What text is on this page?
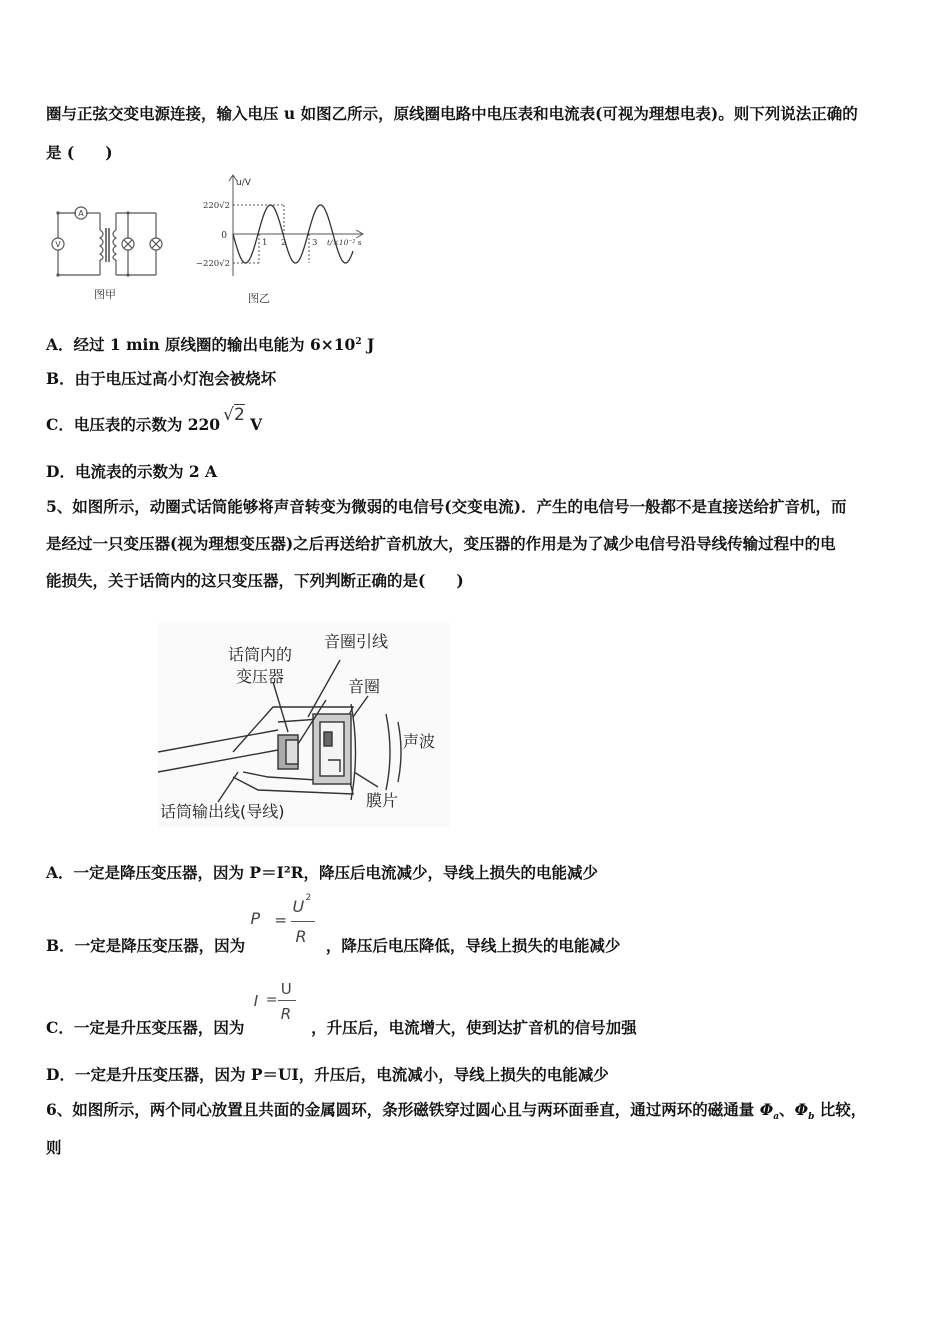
圈与正弦交变电源连接，输入电压 u 如图乙所示，原线圈电路中电压表和电流表(可视为理想电表)。则下列说法正确的
是 (　　)
A
V
图甲
u/V
220√2
−220√2
0
1 2	3 t/×10⁻² s
图乙
A．经过 1 min 原线圈的输出电能为 $6\times 10^2$ J
B．由于电压过高小灯泡会被烧坏
C．电压表的示数为 220 √2 V
D．电流表的示数为 2 A
5、如图所示，动圈式话筒能够将声音转变为微弱的电信号(交变电流)．产生的电信号一般都不是直接送给扩音机，而
是经过一只变压器(视为理想变压器)之后再送给扩音机放大，变压器的作用是为了减少电信号沿导线传输过程中的电
能损失，关于话筒内的这只变压器，下列判断正确的是(　　)
话筒内的
变压器
音圈引线
音圈
声波
话筒输出线(导线)
膜片
A．一定是降压变压器，因为 P＝I²R，降压后电流减少，导线上损失的电能减少
B．一定是降压变压器，因为
P =
U 2
R ，降压后电压降低，导线上损失的电能减少
C．一定是升压变压器，因为
I =
U
R
，升压后，电流增大，使到达扩音机的信号加强
D．一定是升压变压器，因为 P＝UI，升压后，电流减小，导线上损失的电能减少
6、如图所示，两个同心放置且共面的金属圆环，条形磁铁穿过圆心且与两环面垂直，通过两环的磁通量 $\Phi_a$、$\Phi_b$ 比较，
则
